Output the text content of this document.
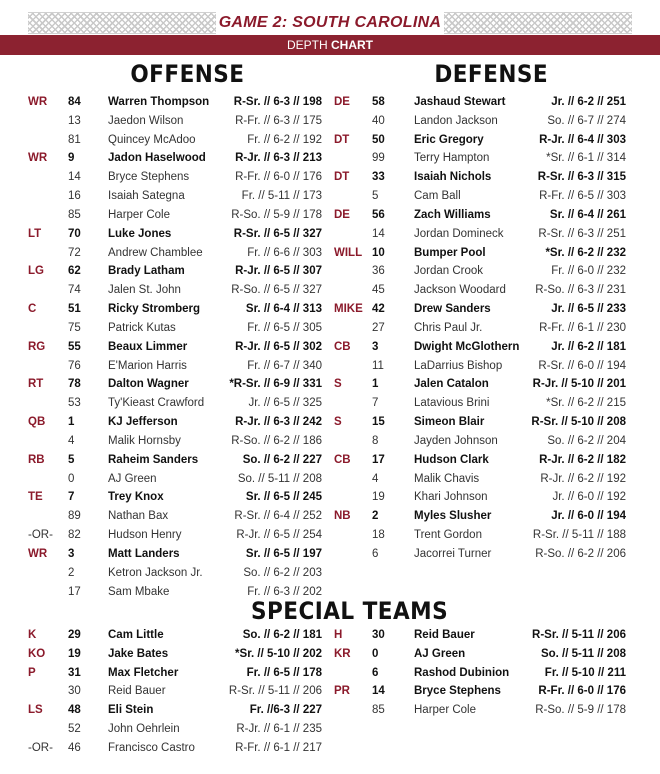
GAME 2: SOUTH CAROLINA
DEPTH CHART
OFFENSE	DEFENSE
SPECIAL TEAMS
WR 84 Warren Thompson R-Sr. // 6-3 // 198
13 Jaedon Wilson	R-Fr. // 6-3 // 175
81 Quincey McAdoo	Fr. // 6-2 // 192
WR 9	Jadon Haselwood	R-Jr. // 6-3 // 213
14 Bryce Stephens	R-Fr. // 6-0 // 176
16 Isaiah Sategna	Fr. // 5-11 // 173
85 Harper Cole	R-So. // 5-9 // 178
LT 70 Luke Jones	R-Sr. // 6-5 // 327
72 Andrew Chamblee	Fr. // 6-6 // 303
LG 62 Brady Latham	R-Jr. // 6-5 // 307
74 Jalen St. John	R-So. // 6-5 // 327
C	51 Ricky Stromberg	Sr. // 6-4 // 313
75 Patrick Kutas	Fr. // 6-5 // 305
RG 55 Beaux Limmer	R-Jr. // 6-5 // 302
76 E'Marion Harris	Fr. // 6-7 // 340
RT 78 Dalton Wagner	*R-Sr. // 6-9 // 331
53 Ty'Kieast Crawford	Jr. // 6-5 // 325
QB 1	KJ Jefferson	R-Jr. // 6-3 // 242
4	Malik Hornsby	R-So. // 6-2 // 186
RB 5	Raheim Sanders	So. // 6-2 // 227
0	AJ Green	So. // 5-11 // 208
TE 7	Trey Knox	Sr. // 6-5 // 245
89 Nathan Bax	R-Sr. // 6-4 // 252
-OR- 82 Hudson Henry	R-Jr. // 6-5 // 254
WR 3	Matt Landers	Sr. // 6-5 // 197
2	Ketron Jackson Jr.	So. // 6-2 // 203
17 Sam Mbake	Fr. // 6-3 // 202
DE 58	Jashaud Stewart	Jr. // 6-2 // 251
40	Landon Jackson	So. // 6-7 // 274
DT 50	Eric Gregory	R-Jr. // 6-4 // 303
99	Terry Hampton	*Sr. // 6-1 // 314
DT 33	Isaiah Nichols	R-Sr. // 6-3 // 315
5	Cam Ball	R-Fr. // 6-5 // 303
DE 56	Zach Williams	Sr. // 6-4 // 261
14	Jordan Domineck	R-Sr. // 6-3 // 251
WILL 10	Bumper Pool	*Sr. // 6-2 // 232
36	Jordan Crook	Fr. // 6-0 // 232
45	Jackson Woodard	R-So. // 6-3 // 231
MIKE 42	Drew Sanders	Jr. // 6-5 // 233
27	Chris Paul Jr.	R-Fr. // 6-1 // 230
CB 3	Dwight McGlothern	Jr. // 6-2 // 181
11	LaDarrius Bishop	R-Sr. // 6-0 // 194
S	1	Jalen Catalon	R-Jr. // 5-10 // 201
7	Latavious Brini	*Sr. // 6-2 // 215
S	15	Simeon Blair	R-Sr. // 5-10 // 208
8	Jayden Johnson	So. // 6-2 // 204
CB 17	Hudson Clark	R-Jr. // 6-2 // 182
4	Malik Chavis	R-Jr. // 6-2 // 192
19	Khari Johnson	Jr. // 6-0 // 192
NB 2	Myles Slusher	Jr. // 6-0 // 194
18	Trent Gordon	R-Sr. // 5-11 // 188
6	Jacorrei Turner	R-So. // 6-2 // 206
K	29 Cam Little	So. // 6-2 // 181
KO 19 Jake Bates	*Sr. // 5-10 // 202
P	31 Max Fletcher	Fr. // 6-5 // 178
30 Reid Bauer	R-Sr. // 5-11 // 206
LS 48 Eli Stein	Fr. //6-3 // 227
52 John Oehrlein	R-Jr. // 6-1 // 235
-OR- 46 Francisco Castro	R-Fr. // 6-1 // 217
H	30	Reid Bauer	R-Sr. // 5-11 // 206
KR 0	AJ Green	So. // 5-11 // 208
6	Rashod Dubinion	Fr. // 5-10 // 211
PR 14	Bryce Stephens	R-Fr. // 6-0 // 176
85	Harper Cole	R-So. // 5-9 // 178
